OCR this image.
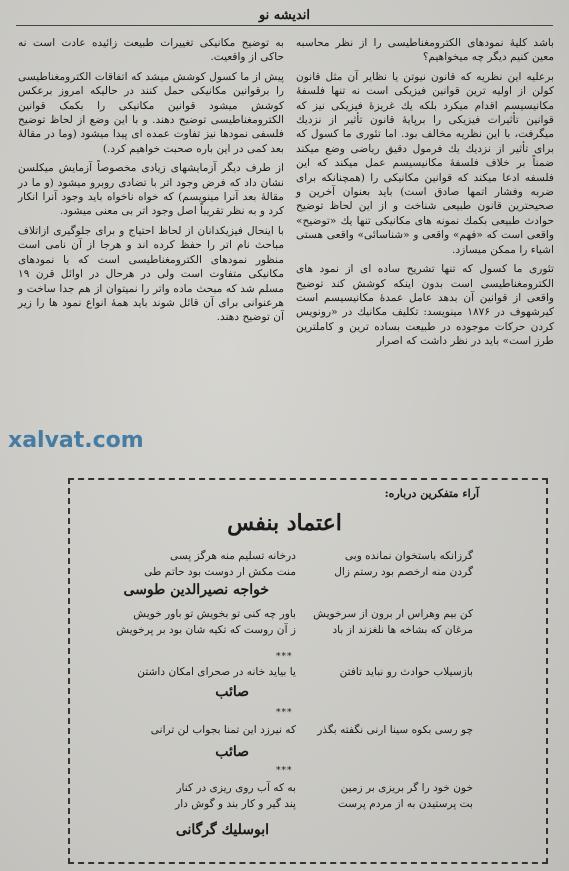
اندیشه نو

باشد کلیهٔ نمودهای الکترومغناطیسی را از نظر محاسبه معین کنیم دیگر چه میخواهیم؟

برعلیه این نظریه که قانون نیوتن یا نظایر آن مثل قانون کولن از اولیه ترین قوانین فیزیکی است نه تنها فلسفهٔ مکانیسیسم اقدام میکرد بلکه یك غریزهٔ فیزیکی نیز که قوانین تأثیرات فیزیکی را برپایهٔ قانون تأثیر از نزدیك میگرفت، با این نظریه مخالف بود. اما تئوری ما کسول که برای تأثیر از نزدیك یك فرمول دقیق ریاضی وضع میکند ضمناً بر خلاف فلسفهٔ مکانیسیسم عمل میکند که این فلسفه ادعا میکند که قوانین مکانیکی را (همچنانکه برای ضربه وفشار اتمها صادق است) باید بعنوان آخرین و صحیحترین قانون طبیعی شناخت و از این لحاظ توضیح حوادث طبیعی بکمك نمونه های مکانیکی تنها یك «توضیح» واقعی است که «فهم» واقعی و «شناسائی» واقعی هستی اشیاء را ممکن میسازد.

تئوری ما کسول که تنها تشریح ساده ای از نمود های الکترومغناطیسی است بدون اینکه کوشش کند توضیح واقعی از قوانین آن بدهد عامل عمدهٔ مکانیسیسم است کیرشهوف در ۱۸۷۶ مینویسد: تکلیف مکانیك در «رونویس کردن حرکات موجوده در طبیعت بساده ترین و کاملترین طرز است» باید در نظر داشت که اصرار

به توضیح مکانیکی تغییرات طبیعت زائیده عادت است نه حاکی از واقعیت.

پیش از ما کسول کوشش میشد که اتفاقات الکترومغناطیسی را برقوانین مکانیکی حمل کنند در حالیکه امروز برعکس کوشش میشود قوانین مکانیکی را بکمک قوانین الکترومغناطیسی توضیح دهند. و با این وضع از لحاظ توضیح فلسفی نمودها نیز تفاوت عمده ای پیدا میشود (وما در مقالهٔ بعد کمی در این باره صحبت خواهیم کرد.)

از طرف دیگر آزمایشهای زیادی مخصوصاً آزمایش میکلسن نشان داد که فرض وجود اتر با تضادی روبرو میشود (و ما در مقالهٔ بعد آنرا مینویسم) که خواه ناخواه باید وجود آنرا انکار کرد و به نظر تقریباً اصل وجود اتر بی معنی میشود.

با اینحال فیزیکدانان از لحاظ احتیاج و برای جلوگیری ازاتلاف مباحث نام اتر را حفظ کرده اند و هرجا از آن نامی است منظور نمودهای الکترومغناطیسی است که با نمودهای مکانیکی متفاوت است ولی در هرحال در اوائل قرن ۱۹ مسلم شد که مبحث ماده واتر را نمیتوان از هم جدا ساخت و هرعنوانی برای آن قائل شوند باید همهٔ انواع نمود ها را زیر آن توضیح دهند.

xalvat.com
آراء متفکرین درباره:
اعتماد بنفس
گرزانکه باستخوان نمانده وبی
گردن منه ارخصم بود رستم زال
درخانه تسلیم منه هرگز پسی
منت مکش ار دوست بود حاتم طی
خواجه نصیرالدین طوسی
کن بیم وهراس ار برون از سرخویش
مرغان که بشاخه ها نلغزند از باد
باور چه کنی تو بخویش تو باور خویش
ز آن روست که تکیه شان بود بر پرخویش
***
بازسیلاب حوادث رو نباید تافتن
یا بیاید خانه در صحرای امکان داشتن
صائب
***
چو رسی بکوه سینا ارنی نگفته بگذر
که نیرزد این تمنا بجواب لن ترانی
صائب
***
خون خود را گر بریزی بر زمین
بت پرستیدن به از مردم پرست
به که آب روی ریزی در کنار
پند گیر و کار بند و گوش دار
ابوسلیك گرگانی
